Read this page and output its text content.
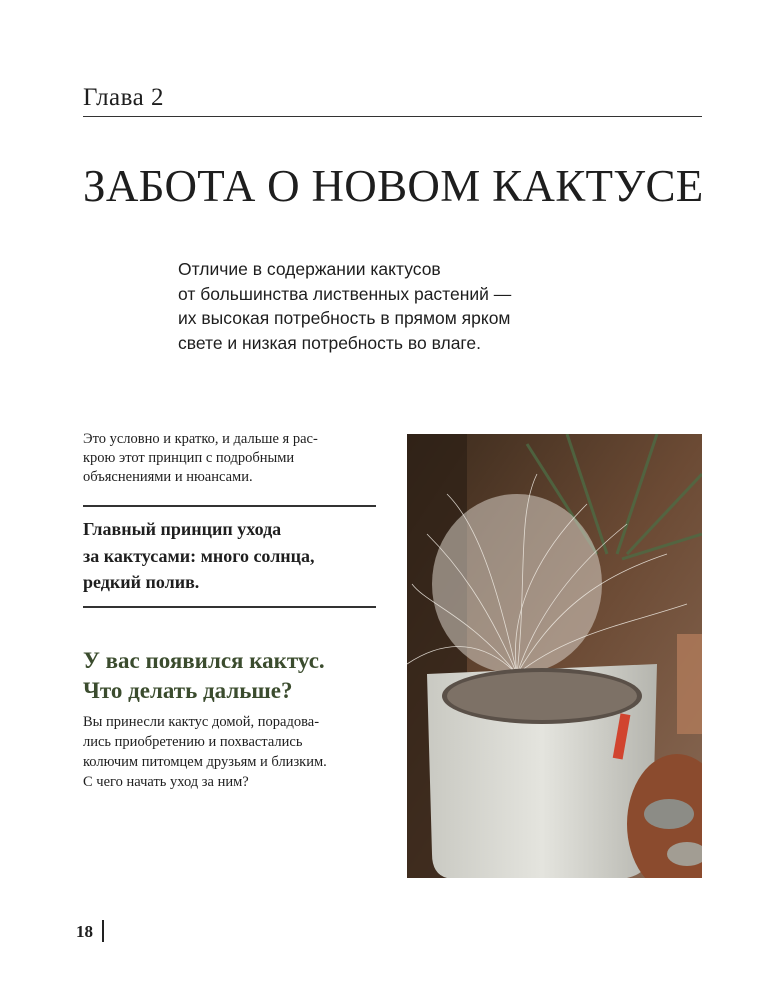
Глава 2
ЗАБОТА О НОВОМ КАКТУСЕ
Отличие в содержании кактусов
от большинства лиственных растений —
их высокая потребность в прямом ярком
свете и низкая потребность во влаге.
Это условно и кратко, и дальше я рас-
крою этот принцип с подробными
объяснениями и нюансами.
Главный принцип ухода
за кактусами: много солнца,
редкий полив.
У вас появился кактус.
Что делать дальше?
Вы принесли кактус домой, порадова-
лись приобретению и похвастались
колючим питомцем друзьям и близким.
С чего начать уход за ним?
18
